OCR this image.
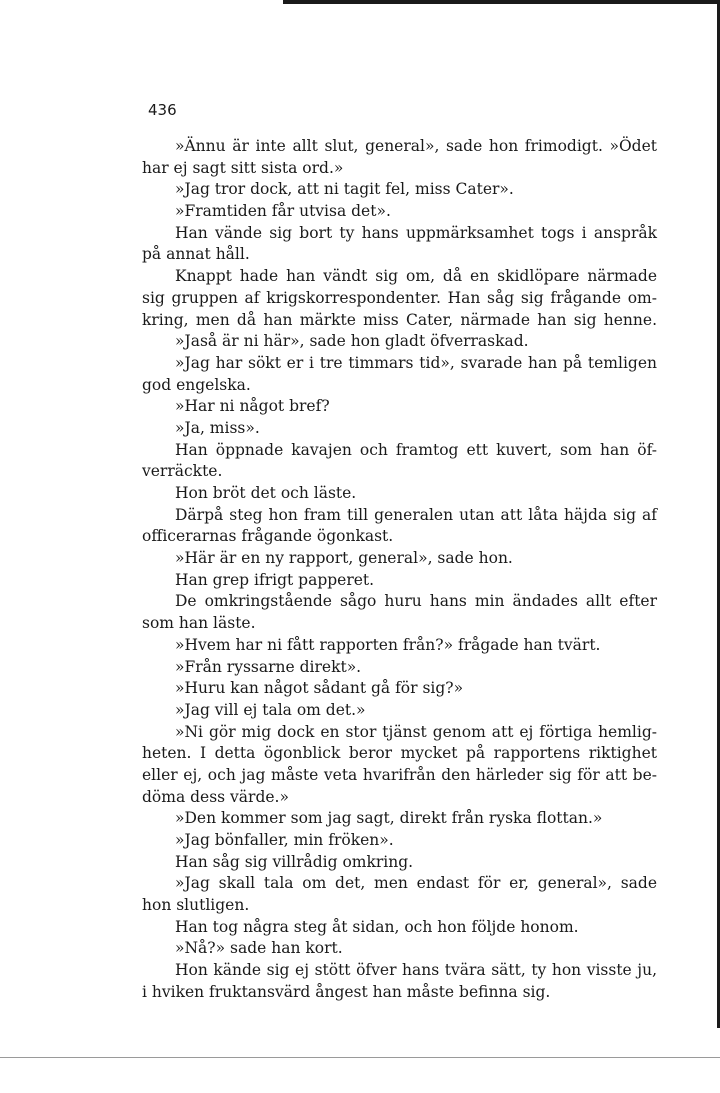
436
»Ännu är inte allt slut, general», sade hon frimodigt. »Ödet
har ej sagt sitt sista ord.»
»Jag tror dock, att ni tagit fel, miss Cater».
»Framtiden får utvisa det».
Han vände sig bort ty hans uppmärksamhet togs i anspråk
på annat håll.
Knappt hade han vändt sig om, då en skidlöpare närmade
sig gruppen af krigskorrespondenter. Han såg sig frågande om-
kring, men då han märkte miss Cater, närmade han sig henne.
»Jaså är ni här», sade hon gladt öfverraskad.
»Jag har sökt er i tre timmars tid», svarade han på temligen
god engelska.
»Har ni något bref?
»Ja, miss».
Han öppnade kavajen och framtog ett kuvert, som han öf-
verräckte.
Hon bröt det och läste.
Därpå steg hon fram till generalen utan att låta häjda sig af
officerarnas frågande ögonkast.
»Här är en ny rapport, general», sade hon.
Han grep ifrigt papperet.
De omkringstående sågo huru hans min ändades allt efter
som han läste.
»Hvem har ni fått rapporten från?» frågade han tvärt.
»Från ryssarne direkt».
»Huru kan något sådant gå för sig?»
»Jag vill ej tala om det.»
»Ni gör mig dock en stor tjänst genom att ej förtiga hemlig-
heten. I detta ögonblick beror mycket på rapportens riktighet
eller ej, och jag måste veta hvarifrån den härleder sig för att be-
döma dess värde.»
»Den kommer som jag sagt, direkt från ryska flottan.»
»Jag bönfaller, min fröken».
Han såg sig villrådig omkring.
»Jag skall tala om det, men endast för er, general», sade
hon slutligen.
Han tog några steg åt sidan, och hon följde honom.
»Nå?» sade han kort.
Hon kände sig ej stött öfver hans tvära sätt, ty hon visste ju,
i hviken fruktansvärd ångest han måste befinna sig.
